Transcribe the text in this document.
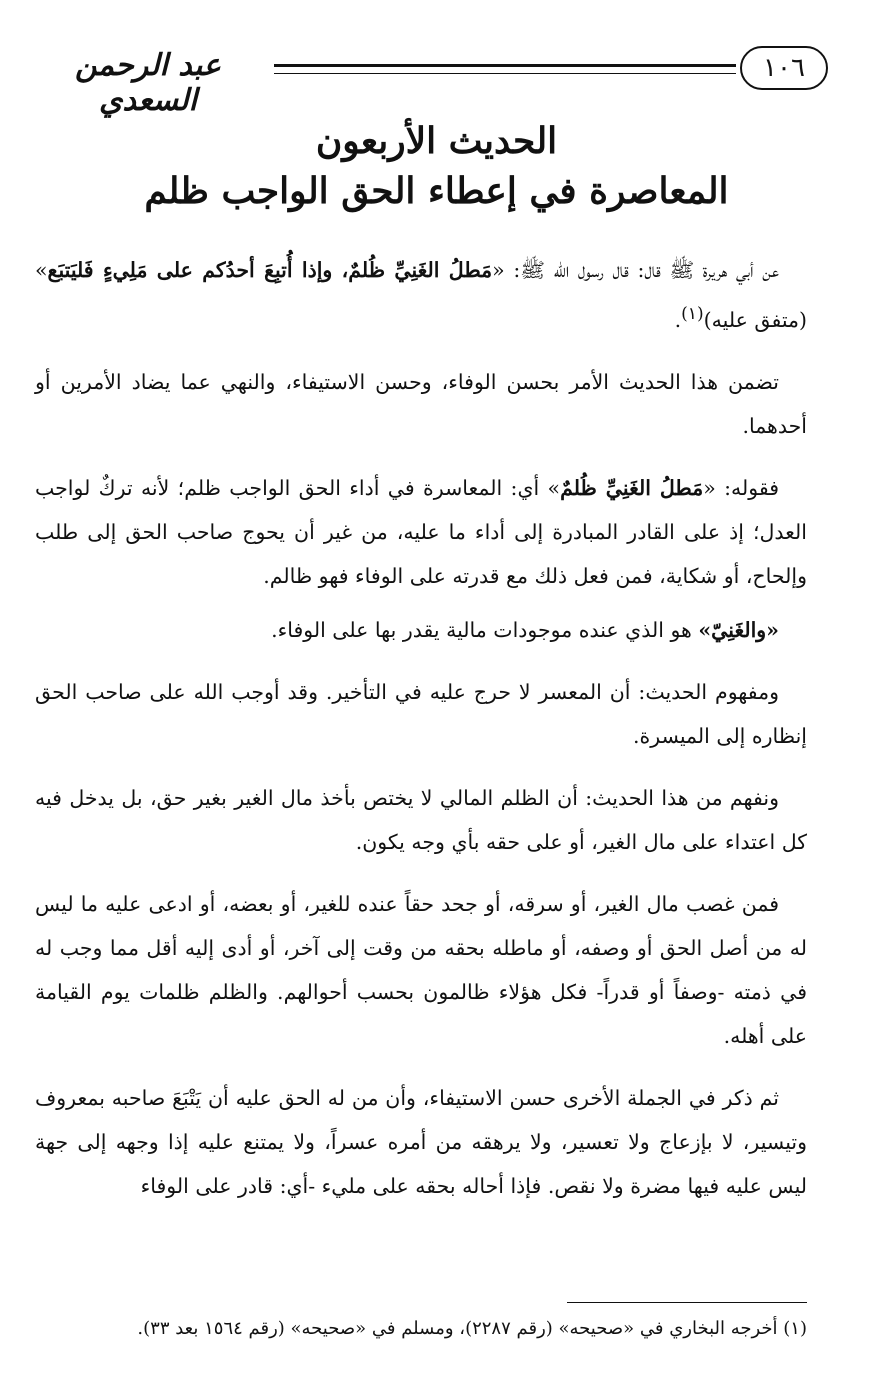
عبد الرحمن السعدي
١٠٦
الحديث الأربعون
المعاصرة في إعطاء الحق الواجب ظلم

عن أبي هريرة ﷺ قال: قال رسول الله ﷺ: «مَطلُ الغَنِيِّ ظُلمٌ، وإذا أُتبِعَ أحدُكم على مَلِيءٍ فَليَتبَع» (متفق عليه)$^{(١)}$.

تضمن هذا الحديث الأمر بحسن الوفاء، وحسن الاستيفاء، والنهي عما يضاد الأمرين أو أحدهما.

فقوله: «مَطلُ الغَنِيِّ ظُلمٌ» أي: المعاسرة في أداء الحق الواجب ظلم؛ لأنه تركٌ لواجب العدل؛ إذ على القادر المبادرة إلى أداء ما عليه، من غير أن يحوج صاحب الحق إلى طلب وإلحاح، أو شكاية، فمن فعل ذلك مع قدرته على الوفاء فهو ظالم.

«والغَنِيّ» هو الذي عنده موجودات مالية يقدر بها على الوفاء.

ومفهوم الحديث: أن المعسر لا حرج عليه في التأخير. وقد أوجب الله على صاحب الحق إنظاره إلى الميسرة.

ونفهم من هذا الحديث: أن الظلم المالي لا يختص بأخذ مال الغير بغير حق، بل يدخل فيه كل اعتداء على مال الغير، أو على حقه بأي وجه يكون.

فمن غصب مال الغير، أو سرقه، أو جحد حقاً عنده للغير، أو بعضه، أو ادعى عليه ما ليس له من أصل الحق أو وصفه، أو ماطله بحقه من وقت إلى آخر، أو أدى إليه أقل مما وجب له في ذمته -وصفاً أو قدراً- فكل هؤلاء ظالمون بحسب أحوالهم. والظلم ظلمات يوم القيامة على أهله.

ثم ذكر في الجملة الأخرى حسن الاستيفاء، وأن من له الحق عليه أن يَتْبَعَ صاحبه بمعروف وتيسير، لا بإزعاج ولا تعسير، ولا يرهقه من أمره عسراً، ولا يمتنع عليه إذا وجهه إلى جهة ليس عليه فيها مضرة ولا نقص. فإذا أحاله بحقه على مليء -أي: قادر على الوفاء

(١) أخرجه البخاري في «صحيحه» (رقم ٢٢٨٧)، ومسلم في «صحيحه» (رقم ١٥٦٤ بعد ٣٣).
